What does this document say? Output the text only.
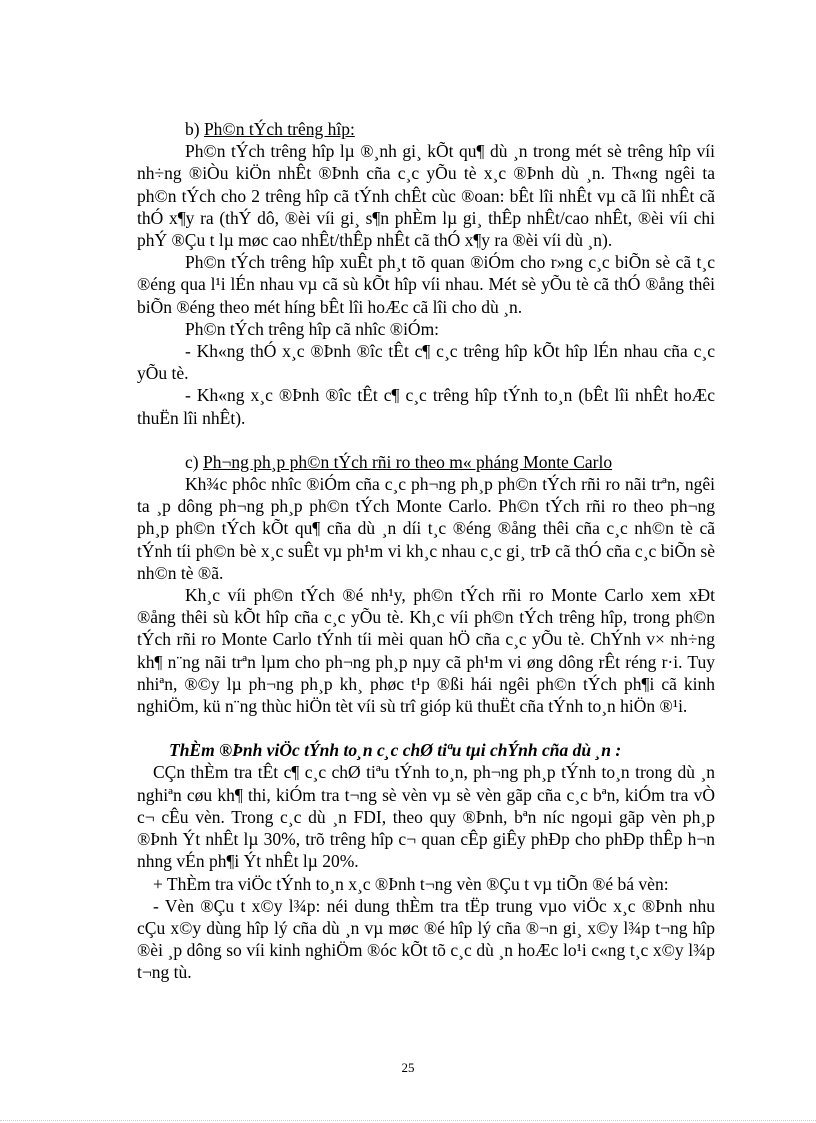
b) Ph©n tÝch trêng hîp:

Ph©n tÝch trêng hîp lµ ®¸nh gi¸ kÕt qu¶ dù ¸n trong mét sè trêng hîp víi nh÷ng ®iÒu kiÖn nhÊt ®Þnh cña c¸c yÕu tè x¸c ®Þnh dù ¸n. Th«ng ngêi ta ph©n tÝch cho 2 trêng hîp cã tÝnh chÊt cùc ®oan: bÊt lîi nhÊt vµ cã lîi nhÊt cã thÓ x¶y ra (thÝ dô, ®èi víi gi¸ s¶n phÈm lµ gi¸ thÊp nhÊt/cao nhÊt, ®èi víi chi phÝ ®Çu t lµ møc cao nhÊt/thÊp nhÊt cã thÓ x¶y ra ®èi víi dù ¸n).

Ph©n tÝch trêng hîp xuÊt ph¸t tõ quan ®iÓm cho r»ng c¸c biÕn sè cã t¸c ®éng qua l¹i lÉn nhau vµ cã sù kÕt hîp víi nhau. Mét sè yÕu tè cã thÓ ®ång thêi biÕn ®éng theo mét híng bÊt lîi hoÆc cã lîi cho dù ¸n.

Ph©n tÝch trêng hîp cã nhîc ®iÓm:

- Kh«ng thÓ x¸c ®Þnh ®îc tÊt c¶ c¸c trêng hîp kÕt hîp lÉn nhau cña c¸c yÕu tè.

- Kh«ng x¸c ®Þnh ®îc tÊt c¶ c¸c trêng hîp tÝnh to¸n (bÊt lîi nhÊt hoÆc thuËn lîi nhÊt).

c) Ph¬ng ph¸p ph©n tÝch rñi ro theo m« pháng Monte Carlo

Kh¾c phôc nhîc ®iÓm cña c¸c ph¬ng ph¸p ph©n tÝch rñi ro nãi trªn, ngêi ta ¸p dông ph¬ng ph¸p ph©n tÝch Monte Carlo. Ph©n tÝch rñi ro theo ph¬ng ph¸p ph©n tÝch kÕt qu¶ cña dù ¸n díi t¸c ®éng ®ång thêi cña c¸c nh©n tè cã tÝnh tíi ph©n bè x¸c suÊt vµ ph¹m vi kh¸c nhau c¸c gi¸ trÞ cã thÓ cña c¸c biÕn sè nh©n tè ®ã.

Kh¸c víi ph©n tÝch ®é nh¹y, ph©n tÝch rñi ro Monte Carlo xem xÐt ®ång thêi sù kÕt hîp cña c¸c yÕu tè. Kh¸c víi ph©n tÝch trêng hîp, trong ph©n tÝch rñi ro Monte Carlo tÝnh tíi mèi quan hÖ cña c¸c yÕu tè. ChÝnh v× nh÷ng kh¶ n¨ng nãi trªn lµm cho ph¬ng ph¸p nµy cã ph¹m vi øng dông rÊt réng r·i. Tuy nhiªn, ®©y lµ ph¬ng ph¸p kh¸ phøc t¹p ®ßi hái ngêi ph©n tÝch ph¶i cã kinh nghiÖm, kü n¨ng thùc hiÖn tèt víi sù trî gióp kü thuËt cña tÝnh to¸n hiÖn ®¹i.

ThÈm ®Þnh viÖc tÝnh to¸n c¸c chØ tiªu tµi chÝnh cña dù ¸n :

CÇn thÈm tra tÊt c¶ c¸c chØ tiªu tÝnh to¸n, ph¬ng ph¸p tÝnh to¸n trong dù ¸n nghiªn cøu kh¶ thi, kiÓm tra t¬ng sè vèn vµ sè vèn gãp cña c¸c bªn, kiÓm tra vÒ c¬ cÊu vèn. Trong c¸c dù ¸n FDI, theo quy ®Þnh, bªn níc ngoµi gãp vèn ph¸p ®Þnh Ýt nhÊt lµ 30%, trõ trêng hîp c¬ quan cÊp giÊy phÐp cho phÐp thÊp h¬n nhng vÉn ph¶i Ýt nhÊt lµ 20%.

+ ThÈm tra viÖc tÝnh to¸n x¸c ®Þnh t¬ng vèn ®Çu t vµ tiÕn ®é bá vèn:

- Vèn ®Çu t x©y l¾p: néi dung thÈm tra tËp trung vµo viÖc x¸c ®Þnh nhu cÇu x©y dùng hîp lý cña dù ¸n vµ møc ®é hîp lý cña ®¬n gi¸ x©y l¾p t¬ng hîp ®èi ¸p dông so víi kinh nghiÖm ®óc kÕt tõ c¸c dù ¸n hoÆc lo¹i c«ng t¸c x©y l¾p t¬ng tù.

25
